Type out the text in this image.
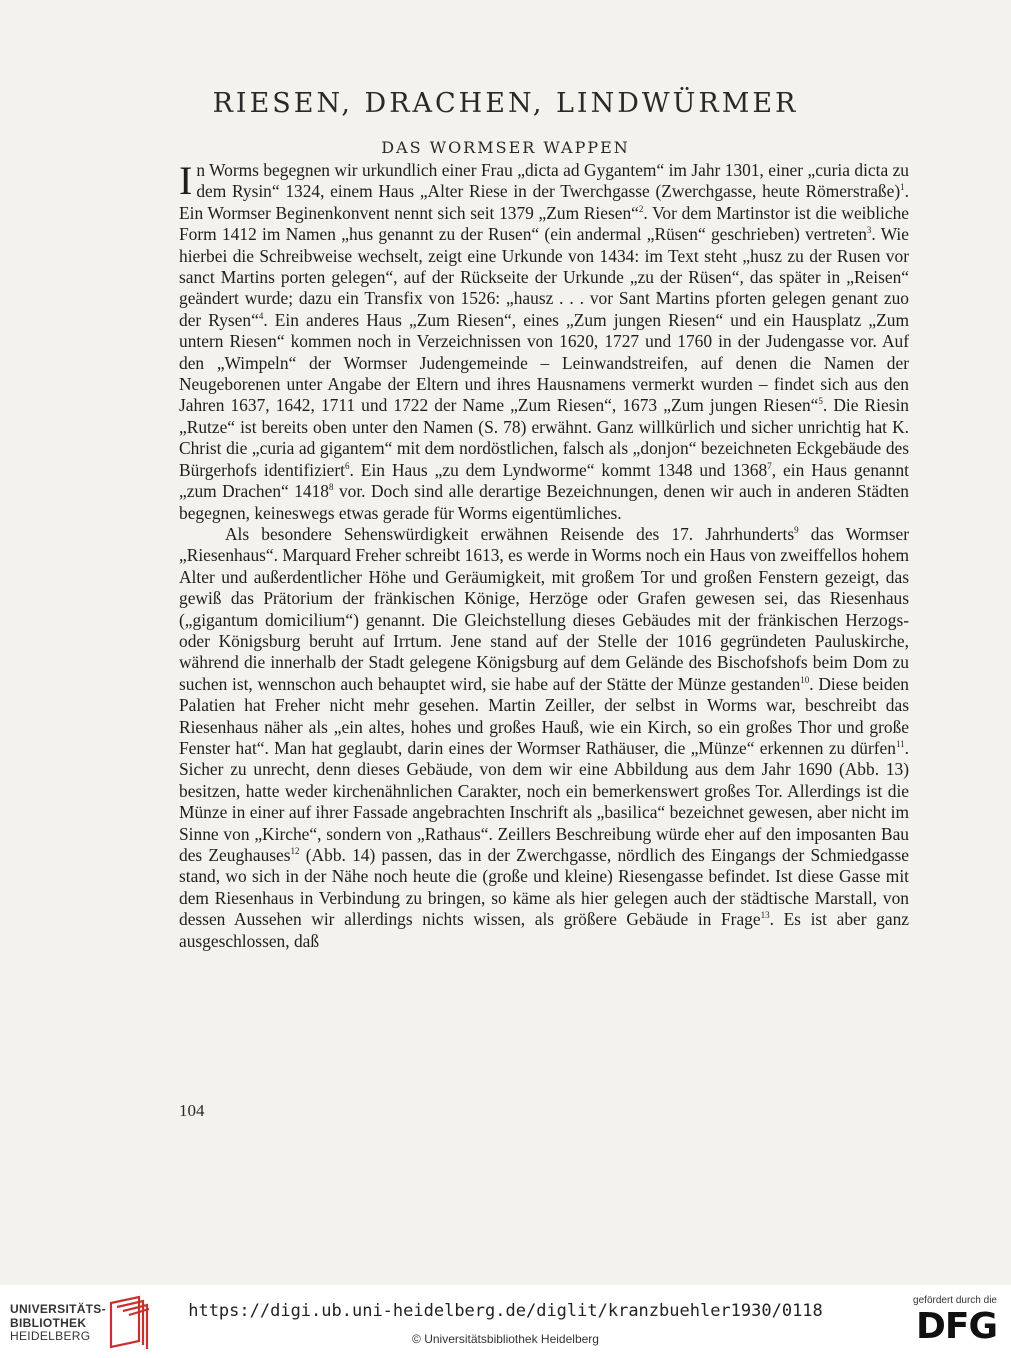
RIESEN, DRACHEN, LINDWÜRMER
DAS WORMSER WAPPEN

In Worms begegnen wir urkundlich einer Frau „dicta ad Gygantem“ im Jahr 1301, einer „curia dicta zu dem Rysin“ 1324, einem Haus „Alter Riese in der Twerchgasse (Zwerchgasse, heute Römerstraße)$^1$. Ein Wormser Beginenkonvent nennt sich seit 1379 „Zum Riesen“$^2$. Vor dem Martinstor ist die weibliche Form 1412 im Namen „hus genannt zu der Rusen“ (ein andermal „Rüsen“ geschrieben) vertreten$^3$. Wie hierbei die Schreibweise wechselt, zeigt eine Urkunde von 1434: im Text steht „husz zu der Rusen vor sanct Martins porten gelegen“, auf der Rückseite der Urkunde „zu der Rüsen“, das später in „Reisen“ geändert wurde; dazu ein Transfix von 1526: „hausz . . . vor Sant Martins pforten gelegen genant zuo der Rysen“$^4$. Ein anderes Haus „Zum Riesen“, eines „Zum jungen Riesen“ und ein Hausplatz „Zum untern Riesen“ kommen noch in Verzeichnissen von 1620, 1727 und 1760 in der Judengasse vor. Auf den „Wimpeln“ der Wormser Judengemeinde – Leinwandstreifen, auf denen die Namen der Neugeborenen unter Angabe der Eltern und ihres Hausnamens vermerkt wurden – findet sich aus den Jahren 1637, 1642, 1711 und 1722 der Name „Zum Riesen“, 1673 „Zum jungen Riesen“$^5$. Die Riesin „Rutze“ ist bereits oben unter den Namen (S. 78) erwähnt. Ganz willkürlich und sicher unrichtig hat K. Christ die „curia ad gigantem“ mit dem nordöstlichen, falsch als „donjon“ bezeichneten Eckgebäude des Bürgerhofs identifiziert$^6$. Ein Haus „zu dem Lyndworme“ kommt 1348 und 1368$^7$, ein Haus genannt „zum Drachen“ 1418$^8$ vor. Doch sind alle derartige Bezeichnungen, denen wir auch in anderen Städten begegnen, keineswegs etwas gerade für Worms eigentümliches.

Als besondere Sehenswürdigkeit erwähnen Reisende des 17. Jahrhunderts$^9$ das Wormser „Riesenhaus“. Marquard Freher schreibt 1613, es werde in Worms noch ein Haus von zweiffellos hohem Alter und außerdentlicher Höhe und Geräumigkeit, mit großem Tor und großen Fenstern gezeigt, das gewiß das Prätorium der fränkischen Könige, Herzöge oder Grafen gewesen sei, das Riesenhaus („gigantum domicilium“) genannt. Die Gleichstellung dieses Gebäudes mit der fränkischen Herzogs- oder Königsburg beruht auf Irrtum. Jene stand auf der Stelle der 1016 gegründeten Pauluskirche, während die innerhalb der Stadt gelegene Königsburg auf dem Gelände des Bischofshofs beim Dom zu suchen ist, wennschon auch behauptet wird, sie habe auf der Stätte der Münze gestanden$^{10}$. Diese beiden Palatien hat Freher nicht mehr gesehen. Martin Zeiller, der selbst in Worms war, beschreibt das Riesenhaus näher als „ein altes, hohes und großes Hauß, wie ein Kirch, so ein großes Thor und große Fenster hat“. Man hat geglaubt, darin eines der Wormser Rathäuser, die „Münze“ erkennen zu dürfen$^{11}$. Sicher zu unrecht, denn dieses Gebäude, von dem wir eine Abbildung aus dem Jahr 1690 (Abb. 13) besitzen, hatte weder kirchenähnlichen Carakter, noch ein bemerkenswert großes Tor. Allerdings ist die Münze in einer auf ihrer Fassade angebrachten Inschrift als „basilica“ bezeichnet gewesen, aber nicht im Sinne von „Kirche“, sondern von „Rathaus“. Zeillers Beschreibung würde eher auf den imposanten Bau des Zeughauses$^{12}$ (Abb. 14) passen, das in der Zwerchgasse, nördlich des Eingangs der Schmiedgasse stand, wo sich in der Nähe noch heute die (große und kleine) Riesengasse befindet. Ist diese Gasse mit dem Riesenhaus in Verbindung zu bringen, so käme als hier gelegen auch der städtische Marstall, von dessen Aussehen wir allerdings nichts wissen, als größere Gebäude in Frage$^{13}$. Es ist aber ganz ausgeschlossen, daß

104
UNIVERSITÄTS-
BIBLIOTHEK
HEIDELBERG
https://digi.ub.uni-heidelberg.de/diglit/kranzbuehler1930/0118
© Universitätsbibliothek Heidelberg
gefördert durch die
DFG
